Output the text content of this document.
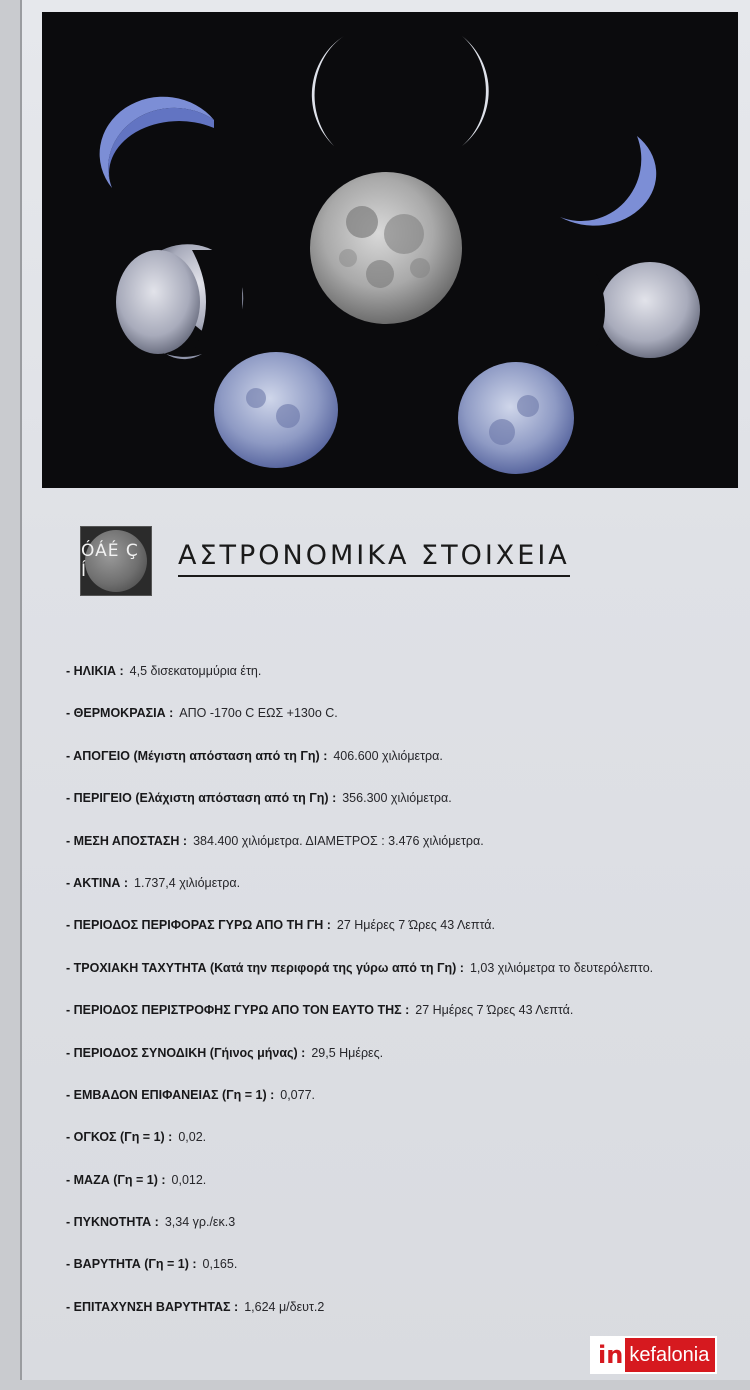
ÓÁÉ Ç Í	ΑΣΤΡΟΝΟΜΙΚΑ ΣΤΟΙΧΕΙΑ
- ΗΛΙΚΙΑ : 4,5 δισεκατομμύρια έτη.
- ΘΕΡΜΟΚΡΑΣΙΑ : ΑΠΟ -170ο C ΕΩΣ +130ο C.
- ΑΠΟΓΕΙΟ (Μέγιστη απόσταση από τη Γη) : 406.600 χιλιόμετρα.
- ΠΕΡΙΓΕΙΟ (Ελάχιστη απόσταση από τη Γη) : 356.300 χιλιόμετρα.
- ΜΕΣΗ ΑΠΟΣΤΑΣΗ : 384.400 χιλιόμετρα. ΔΙΑΜΕΤΡΟΣ : 3.476 χιλιόμετρα.
- ΑΚΤΙΝΑ : 1.737,4 χιλιόμετρα.
- ΠΕΡΙΟΔΟΣ ΠΕΡΙΦΟΡΑΣ ΓΥΡΩ ΑΠΟ ΤΗ ΓΗ : 27 Ημέρες 7 Ώρες 43 Λεπτά.
- ΤΡΟΧΙΑΚΗ ΤΑΧΥΤΗΤΑ (Κατά την περιφορά της γύρω από τη Γη) : 1,03 χιλιόμετρα το δευτερόλεπτο.
- ΠΕΡΙΟΔΟΣ ΠΕΡΙΣΤΡΟΦΗΣ ΓΥΡΩ ΑΠΟ ΤΟΝ ΕΑΥΤΟ ΤΗΣ : 27 Ημέρες 7 Ώρες 43 Λεπτά.
- ΠΕΡΙΟΔΟΣ ΣΥΝΟΔΙΚΗ (Γήινος μήνας) : 29,5 Ημέρες.
- ΕΜΒΑΔΟΝ ΕΠΙΦΑΝΕΙΑΣ (Γη = 1) : 0,077.
- ΟΓΚΟΣ (Γη = 1) : 0,02.
- ΜΑΖΑ (Γη = 1) : 0,012.
- ΠΥΚΝΟΤΗΤΑ : 3,34 γρ./εκ.3
- ΒΑΡΥΤΗΤΑ (Γη = 1) : 0,165.
- ΕΠΙΤΑΧΥΝΣΗ ΒΑΡΥΤΗΤΑΣ : 1,624 μ/δευτ.2
in kefalonia
